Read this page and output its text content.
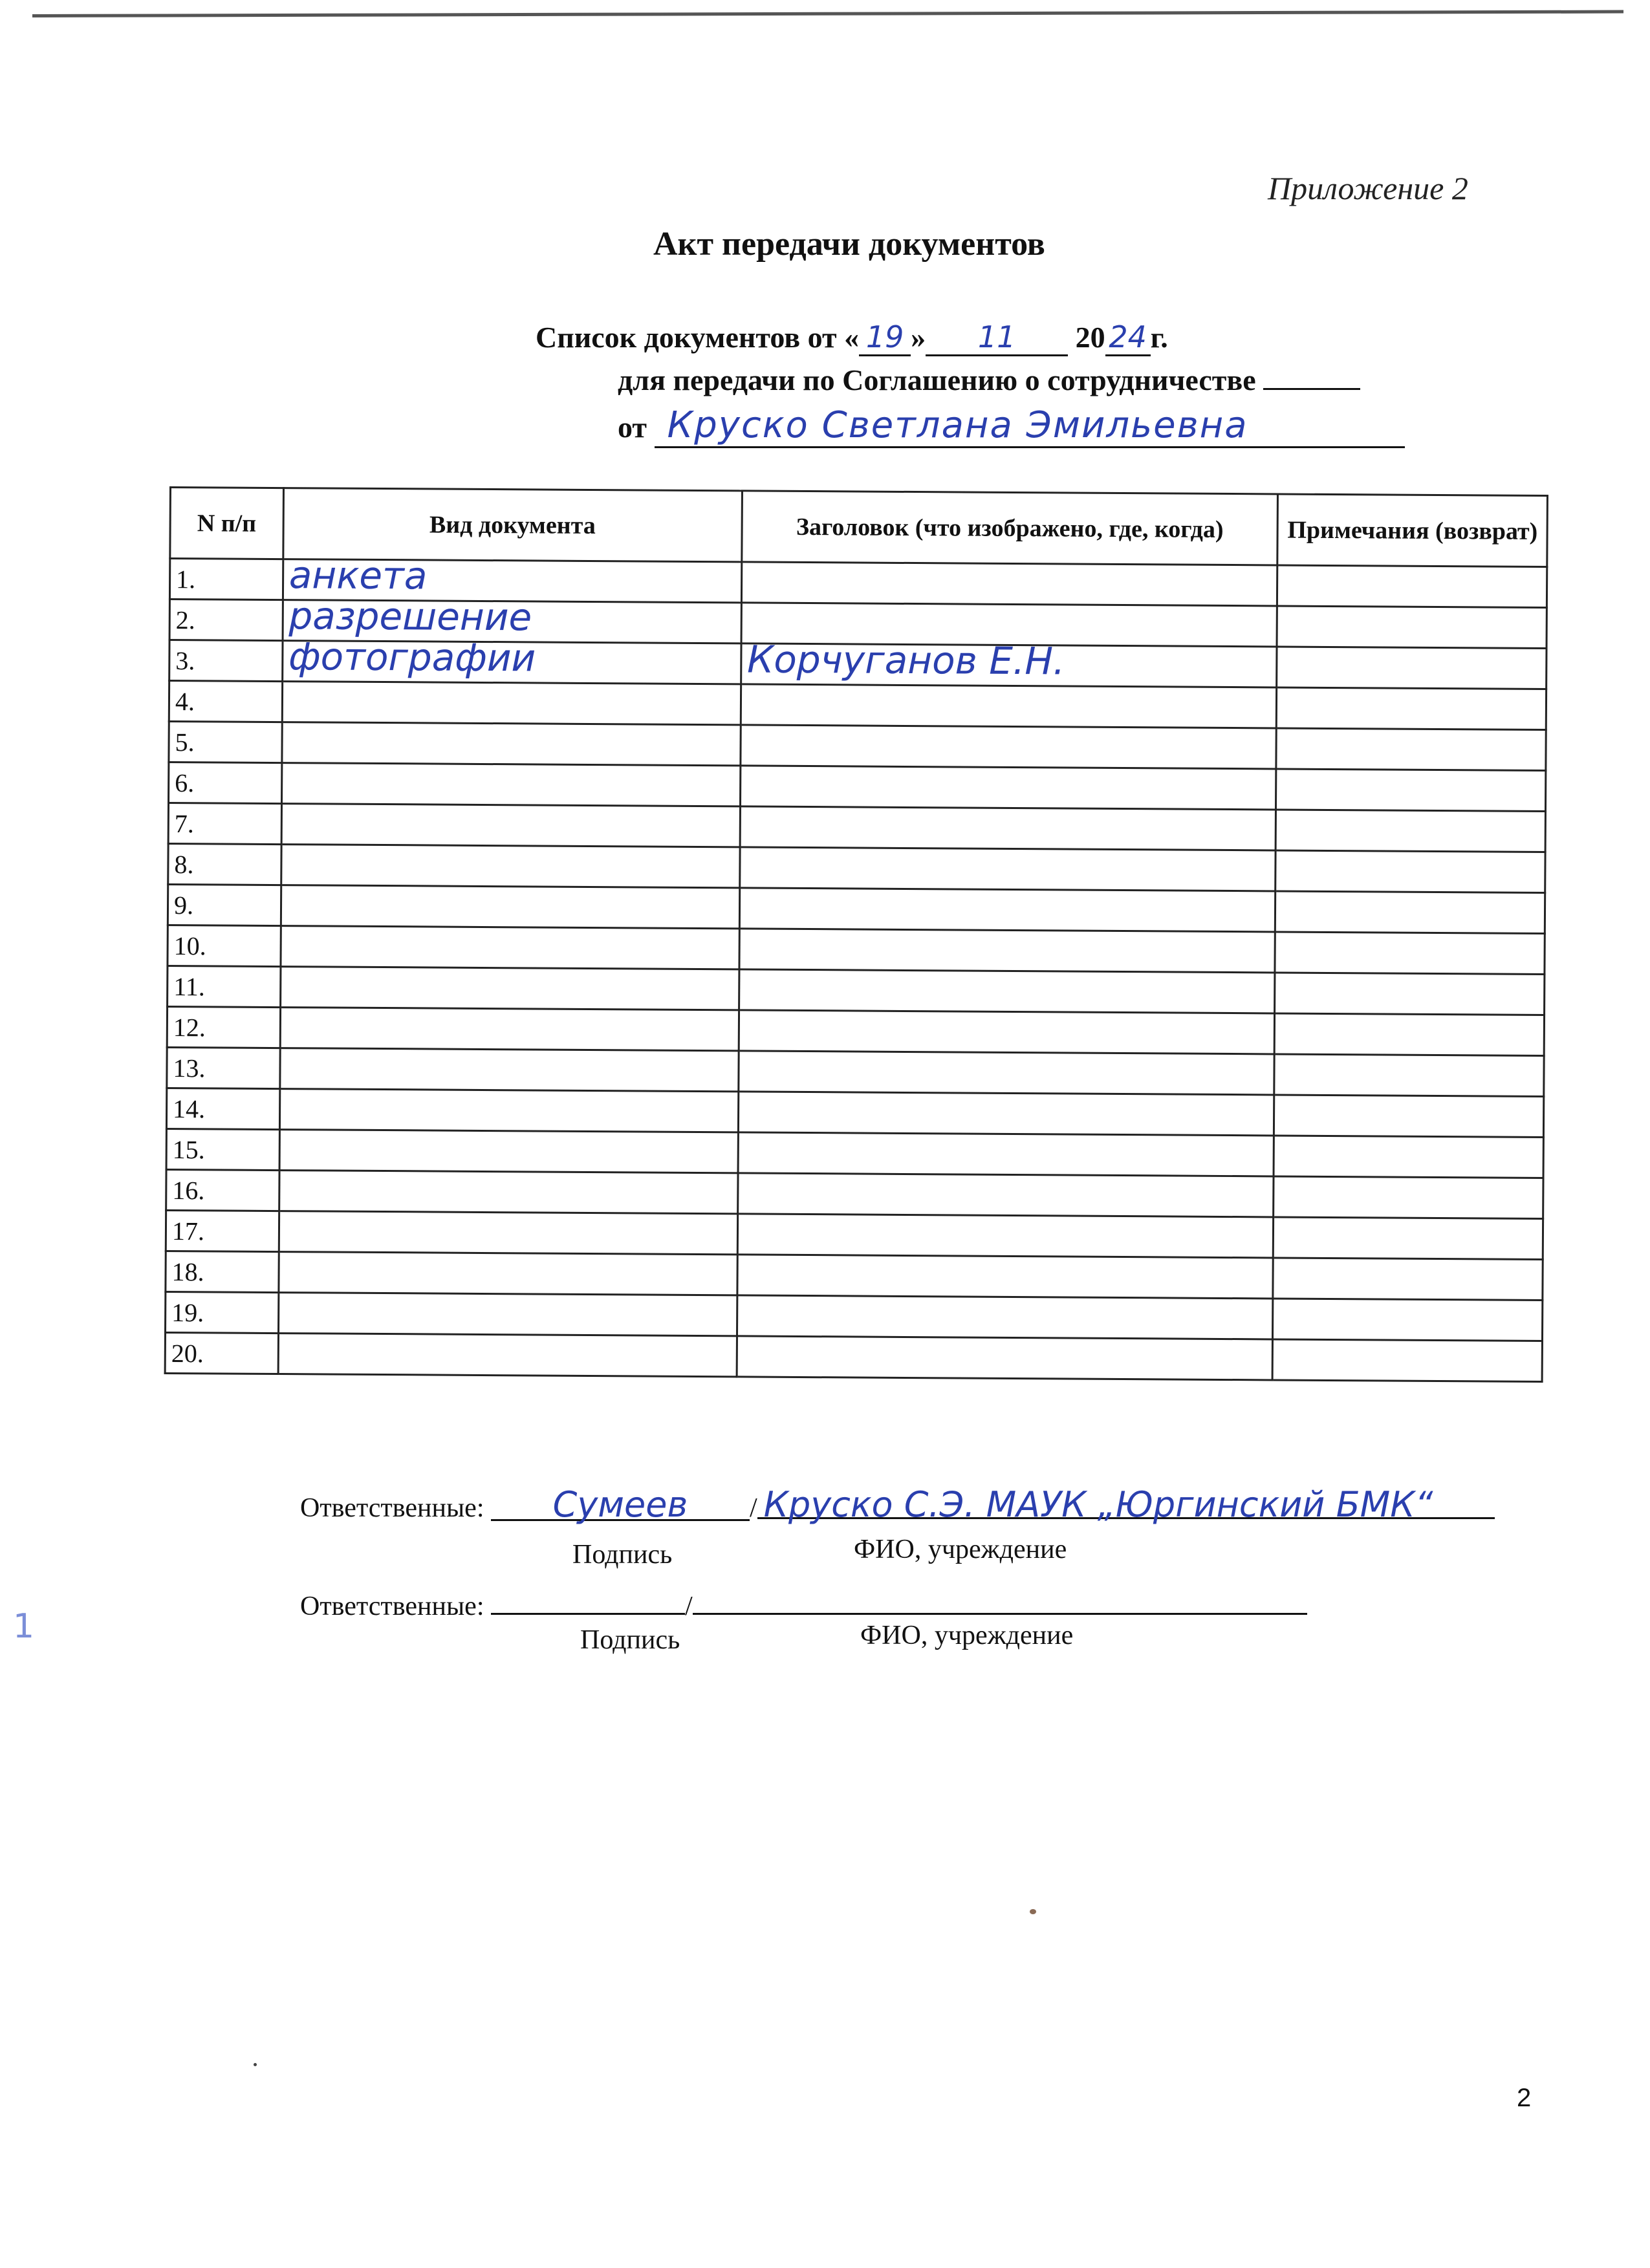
Приложение 2
Акт передачи документов
Список документов от « 19 » 11 20 24 г.
для передачи по Соглашению о сотрудничестве
от Круско Светлана Эмильевна
N п/п	Вид документа	Заголовок (что изображено, где, когда)	Примечания (возврат)
1.	анкета		
2.	разрешение		
3.	фотографии	Корчуганов Е.Н.	
4.			
5.			
6.			
7.			
8.			
9.			
10.			
11.			
12.			
13.			
14.			
15.			
16.			
17.			
18.			
19.			
20.			
Ответственные: Сумеев / Круско С.Э. МАУК „Юргинский БМК“
Подпись	ФИО, учреждение
Ответственные:	/
Подпись	ФИО, учреждение
1
2
